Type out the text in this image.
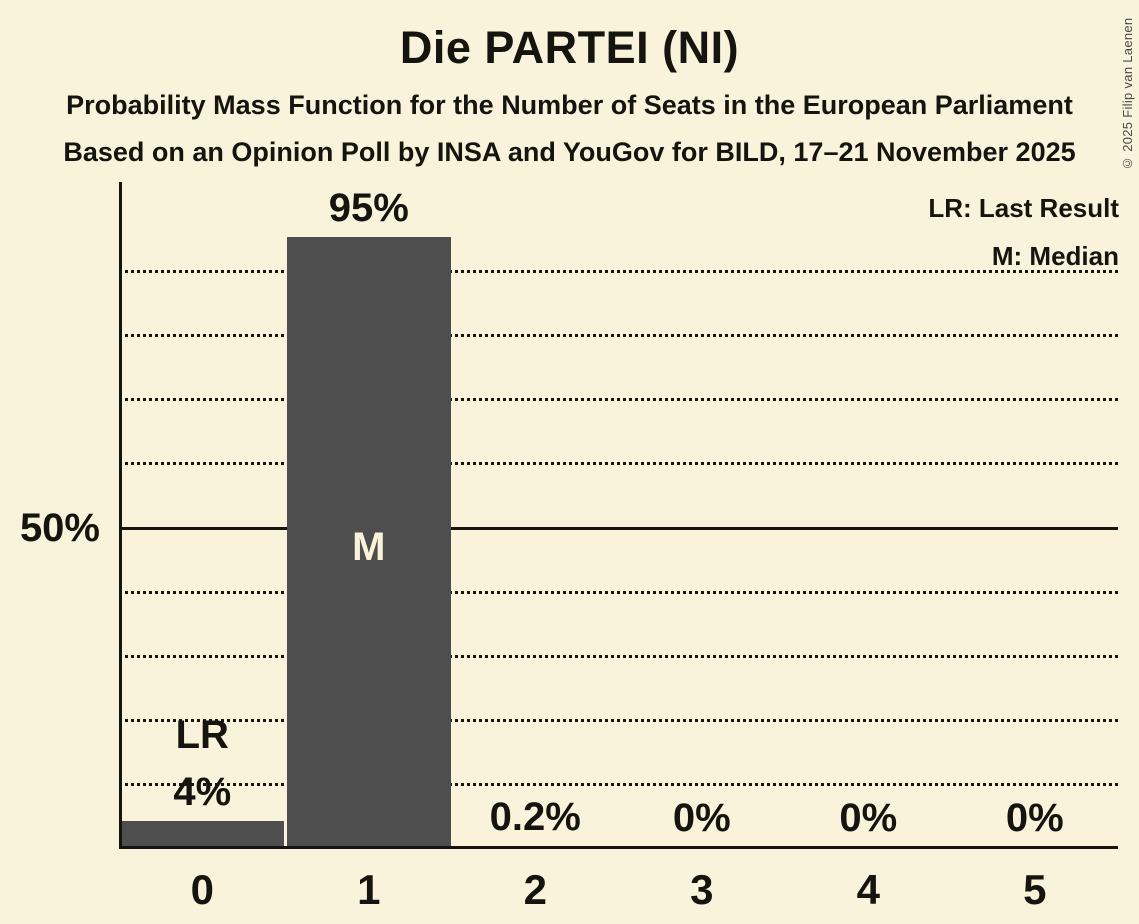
Die PARTEI (NI)
Probability Mass Function for the Number of Seats in the European Parliament
Based on an Opinion Poll by INSA and YouGov for BILD, 17–21 November 2025
LR: Last Result
M: Median
© 2025 Filip van Laenen
50%
4%
LR
95%
M
0.2%	0%	0%	0%
0	1	2	3	4	5
